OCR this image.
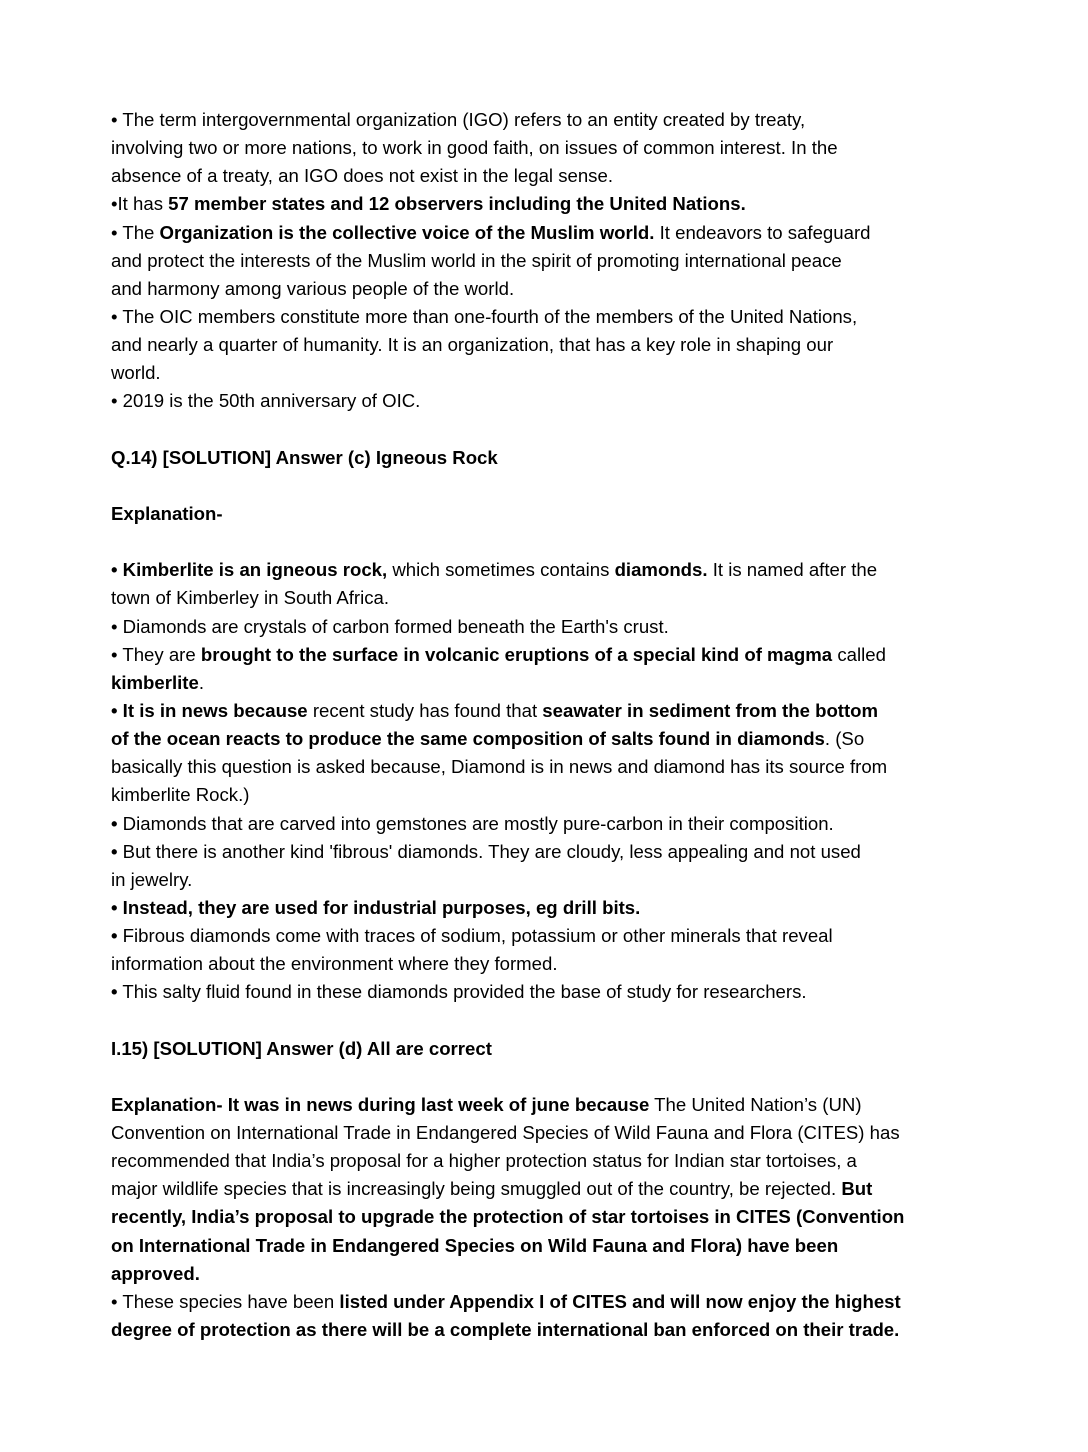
• The term intergovernmental organization (IGO) refers to an entity created by treaty,
involving two or more nations, to work in good faith, on issues of common interest. In the
absence of a treaty, an IGO does not exist in the legal sense.
•It has 57 member states and 12 observers including the United Nations.
• The Organization is the collective voice of the Muslim world. It endeavors to safeguard
and protect the interests of the Muslim world in the spirit of promoting international peace
and harmony among various people of the world.
• The OIC members constitute more than one-fourth of the members of the United Nations,
and nearly a quarter of humanity. It is an organization, that has a key role in shaping our
world.
• 2019 is the 50th anniversary of OIC.
Q.14) [SOLUTION] Answer (c) Igneous Rock
Explanation-
• Kimberlite is an igneous rock, which sometimes contains diamonds. It is named after the
town of Kimberley in South Africa.
• Diamonds are crystals of carbon formed beneath the Earth's crust.
• They are brought to the surface in volcanic eruptions of a special kind of magma called
kimberlite.
• It is in news because recent study has found that seawater in sediment from the bottom
of the ocean reacts to produce the same composition of salts found in diamonds. (So
basically this question is asked because, Diamond is in news and diamond has its source from
kimberlite Rock.)
• Diamonds that are carved into gemstones are mostly pure-carbon in their composition.
• But there is another kind 'fibrous' diamonds. They are cloudy, less appealing and not used
in jewelry.
• Instead, they are used for industrial purposes, eg drill bits.
• Fibrous diamonds come with traces of sodium, potassium or other minerals that reveal
information about the environment where they formed.
• This salty fluid found in these diamonds provided the base of study for researchers.
I.15) [SOLUTION] Answer (d) All are correct
Explanation- It was in news during last week of june because The United Nation’s (UN)
Convention on International Trade in Endangered Species of Wild Fauna and Flora (CITES) has
recommended that India’s proposal for a higher protection status for Indian star tortoises, a
major wildlife species that is increasingly being smuggled out of the country, be rejected. But
recently, India’s proposal to upgrade the protection of star tortoises in CITES (Convention
on International Trade in Endangered Species on Wild Fauna and Flora) have been
approved.
• These species have been listed under Appendix I of CITES and will now enjoy the highest
degree of protection as there will be a complete international ban enforced on their trade.
